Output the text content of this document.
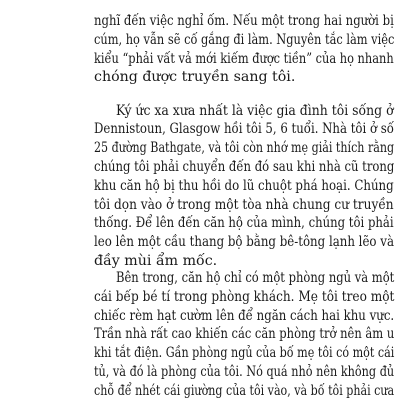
nghĩ đến việc nghỉ ốm. Nếu một trong hai người bị
cúm, họ vẫn sẽ cố gắng đi làm. Nguyên tắc làm việc
kiểu “phải vất vả mới kiếm được tiền” của họ nhanh
chóng được truyền sang tôi.
Ký ức xa xưa nhất là việc gia đình tôi sống ở
Dennistoun, Glasgow hồi tôi 5, 6 tuổi. Nhà tôi ở số
25 đường Bathgate, và tôi còn nhớ mẹ giải thích rằng
chúng tôi phải chuyển đến đó sau khi nhà cũ trong
khu căn hộ bị thu hồi do lũ chuột phá hoại. Chúng
tôi dọn vào ở trong một tòa nhà chung cư truyền
thống. Để lên đến căn hộ của mình, chúng tôi phải
leo lên một cầu thang bộ bằng bê-tông lạnh lẽo và
đầy mùi ẩm mốc.
Bên trong, căn hộ chỉ có một phòng ngủ và một
cái bếp bé tí trong phòng khách. Mẹ tôi treo một
chiếc rèm hạt cườm lên để ngăn cách hai khu vực.
Trần nhà rất cao khiến các căn phòng trở nên âm u
khi tắt điện. Gần phòng ngủ của bố mẹ tôi có một cái
tủ, và đó là phòng của tôi. Nó quá nhỏ nên không đủ
chỗ để nhét cái giường của tôi vào, và bố tôi phải cưa
